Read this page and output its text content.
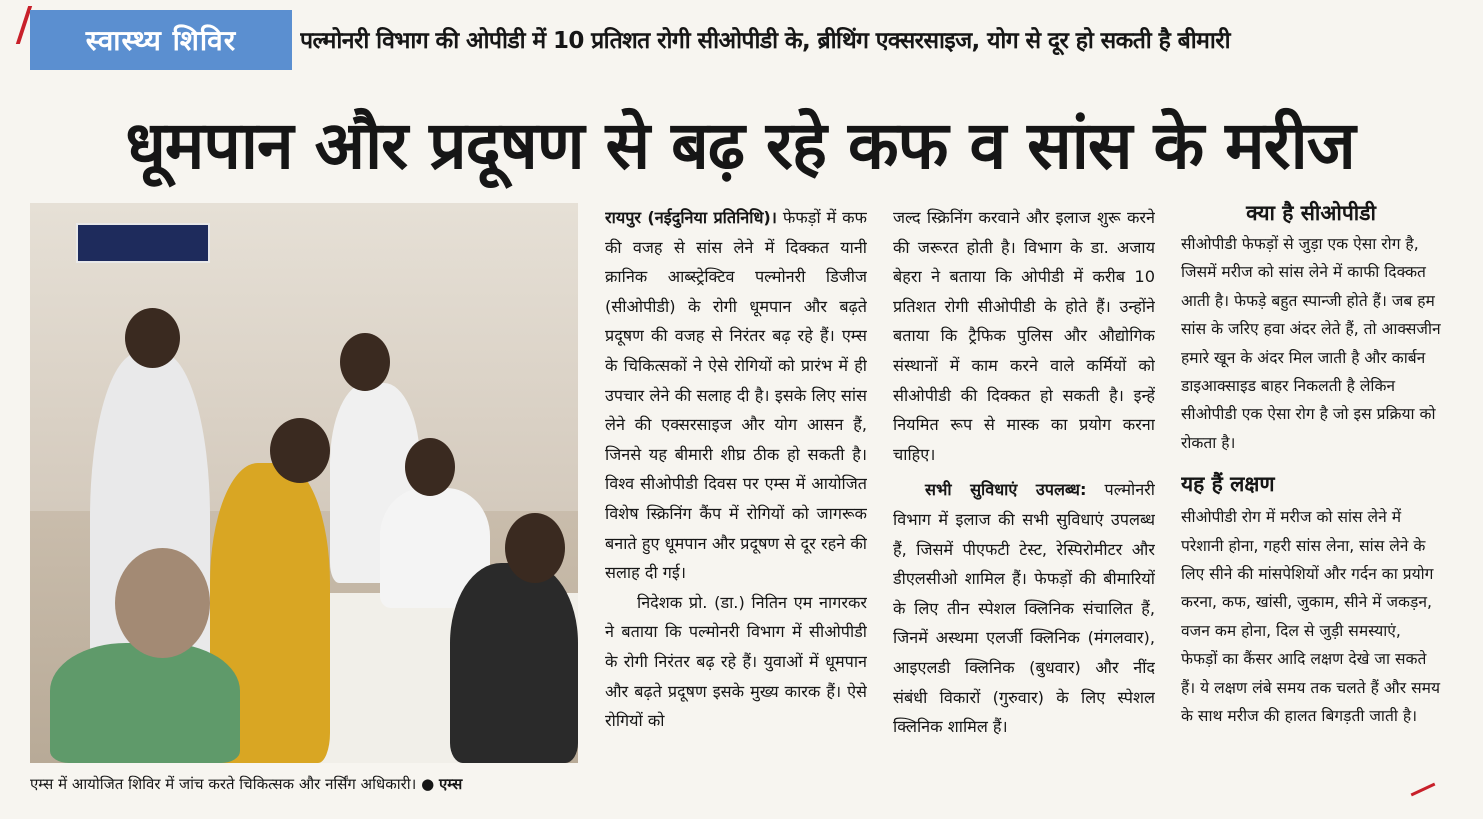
स्वास्थ्य शिविर	पल्मोनरी विभाग की ओपीडी में 10 प्रतिशत रोगी सीओपीडी के, ब्रीथिंग एक्सरसाइज, योग से दूर हो सकती है बीमारी
धूमपान और प्रदूषण से बढ़ रहे कफ व सांस के मरीज
एम्स में आयोजित शिविर में जांच करते चिकित्सक और नर्सिंग अधिकारी। ● एम्स

रायपुर (नईदुनिया प्रतिनिधि)। फेफड़ों में कफ की वजह से सांस लेने में दिक्कत यानी क्रानिक आब्स्ट्रेक्टिव पल्मोनरी डिजीज (सीओपीडी) के रोगी धूमपान और बढ़ते प्रदूषण की वजह से निरंतर बढ़ रहे हैं। एम्स के चिकित्सकों ने ऐसे रोगियों को प्रारंभ में ही उपचार लेने की सलाह दी है। इसके लिए सांस लेने की एक्सरसाइज और योग आसन हैं, जिनसे यह बीमारी शीघ्र ठीक हो सकती है। विश्व सीओपीडी दिवस पर एम्स में आयोजित विशेष स्क्रिनिंग कैंप में रोगियों को जागरूक बनाते हुए धूमपान और प्रदूषण से दूर रहने की सलाह दी गई।

निदेशक प्रो. (डा.) नितिन एम नागरकर ने बताया कि पल्मोनरी विभाग में सीओपीडी के रोगी निरंतर बढ़ रहे हैं। युवाओं में धूमपान और बढ़ते प्रदूषण इसके मुख्य कारक हैं। ऐसे रोगियों को

जल्द स्क्रिनिंग करवाने और इलाज शुरू करने की जरूरत होती है। विभाग के डा. अजाय बेहरा ने बताया कि ओपीडी में करीब 10 प्रतिशत रोगी सीओपीडी के होते हैं। उन्होंने बताया कि ट्रैफिक पुलिस और औद्योगिक संस्थानों में काम करने वाले कर्मियों को सीओपीडी की दिक्कत हो सकती है। इन्हें नियमित रूप से मास्क का प्रयोग करना चाहिए।

सभी सुविधाएं उपलब्ध: पल्मोनरी विभाग में इलाज की सभी सुविधाएं उपलब्ध हैं, जिसमें पीएफटी टेस्ट, रेस्पिरोमीटर और डीएलसीओ शामिल हैं। फेफड़ों की बीमारियों के लिए तीन स्पेशल क्लिनिक संचालित हैं, जिनमें अस्थमा एलर्जी क्लिनिक (मंगलवार), आइएलडी क्लिनिक (बुधवार) और नींद संबंधी विकारों (गुरुवार) के लिए स्पेशल क्लिनिक शामिल हैं।

क्या है सीओपीडी

सीओपीडी फेफड़ों से जुड़ा एक ऐसा रोग है, जिसमें मरीज को सांस लेने में काफी दिक्कत आती है। फेफड़े बहुत स्पान्जी होते हैं। जब हम सांस के जरिए हवा अंदर लेते हैं, तो आक्सजीन हमारे खून के अंदर मिल जाती है और कार्बन डाइआक्साइड बाहर निकलती है लेकिन सीओपीडी एक ऐसा रोग है जो इस प्रक्रिया को रोकता है।

यह हैं लक्षण

सीओपीडी रोग में मरीज को सांस लेने में परेशानी होना, गहरी सांस लेना, सांस लेने के लिए सीने की मांसपेशियों और गर्दन का प्रयोग करना, कफ, खांसी, जुकाम, सीने में जकड़न, वजन कम होना, दिल से जुड़ी समस्याएं, फेफड़ों का कैंसर आदि लक्षण देखे जा सकते हैं। ये लक्षण लंबे समय तक चलते हैं और समय के साथ मरीज की हालत बिगड़ती जाती है।
